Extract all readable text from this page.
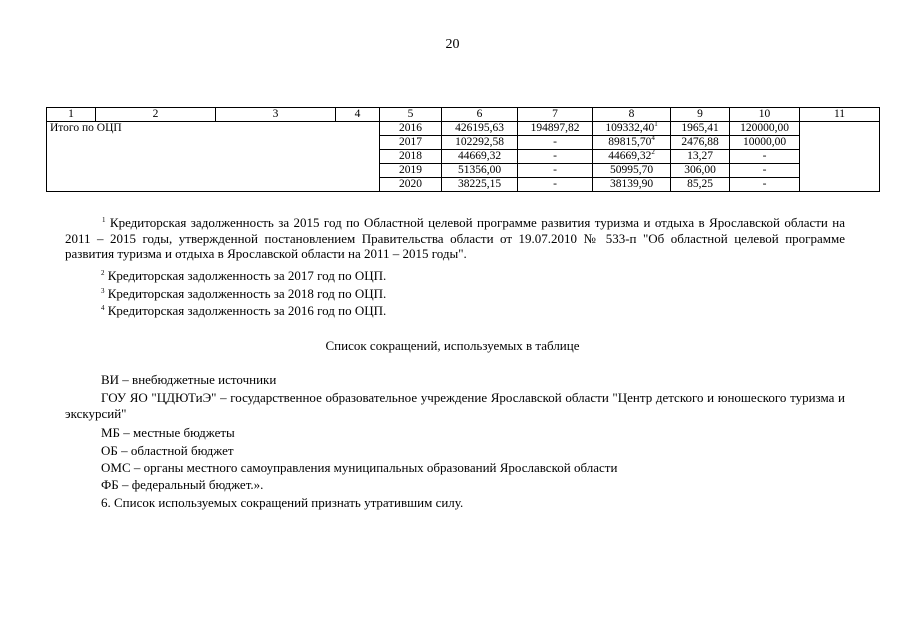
20
1	2	3	4	5	6	7	8	9	10	11
Итого по ОЦП				2016	426195,63	194897,82	109332,40$^1$	1965,41	120000,00	
				2017	102292,58	-	89815,70$^4$	2476,88	10000,00	
				2018	44669,32	-	44669,32$^2$	13,27	-	
				2019	51356,00	-	50995,70	306,00	-	
				2020	38225,15	-	38139,90	85,25	-	
$^1$ Кредиторская задолженность за 2015 год по Областной целевой программе развития туризма и отдыха в Ярославской области на 2011 – 2015 годы, утвержденной постановлением Правительства области от 19.07.2010 № 533-п "Об областной целевой программе развития туризма и отдыха в Ярославской области на 2011 – 2015 годы".
$^2$ Кредиторская задолженность за 2017 год по ОЦП.
$^3$ Кредиторская задолженность за 2018 год по ОЦП.
$^4$ Кредиторская задолженность за 2016 год по ОЦП.
Список сокращений, используемых в таблице
ВИ – внебюджетные источники
ГОУ ЯО "ЦДЮТиЭ" – государственное образовательное учреждение Ярославской области "Центр детского и юношеского туризма и экскурсий"
МБ – местные бюджеты
ОБ – областной бюджет
ОМС – органы местного самоуправления муниципальных образований Ярославской области
ФБ – федеральный бюджет.».
6. Список используемых сокращений признать утратившим силу.
